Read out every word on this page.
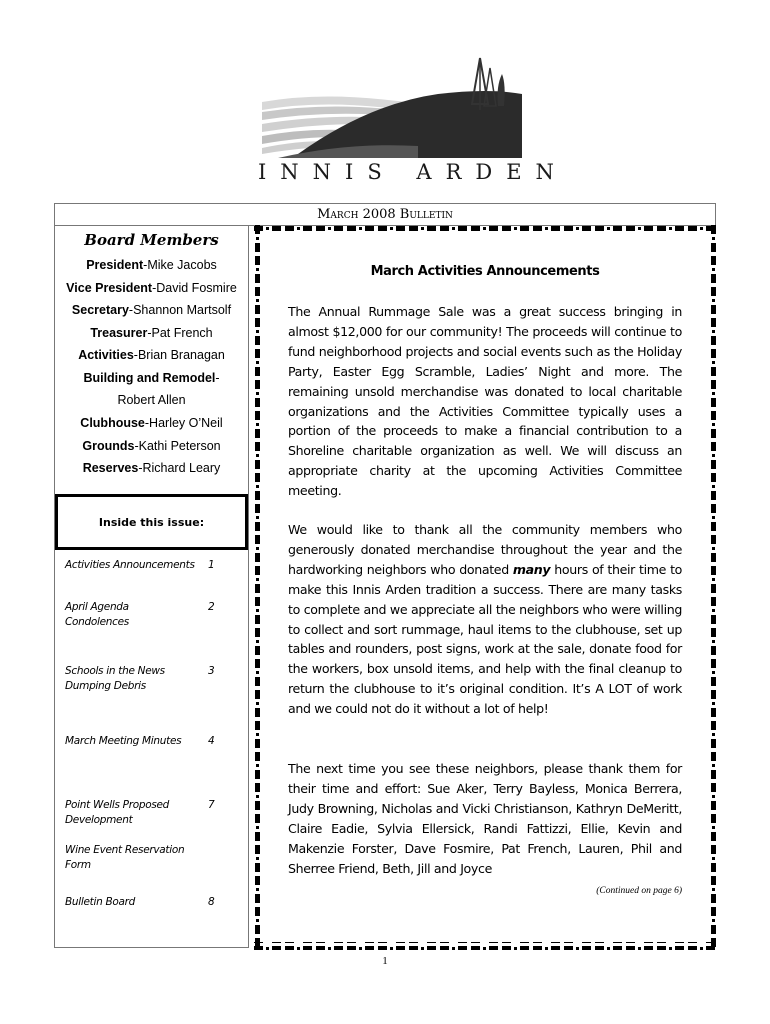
INNIS ARDEN
March 2008 Bulletin
Board Members
President-Mike Jacobs
Vice President-David Fosmire
Secretary-Shannon Martsolf
Treasurer-Pat French
Activities-Brian Branagan
Building and Remodel-
Robert Allen
Clubhouse-Harley O’Neil
Grounds-Kathi Peterson
Reserves-Richard Leary
Inside this issue:
Activities Announcements	1
April Agenda
Condolences
2
Schools in the News
Dumping Debris
3
March Meeting Minutes	4
Point Wells Proposed
Development
7
Wine Event Reservation
Form
Bulletin Board	8
March Activities Announcements
The Annual Rummage Sale was a great success bringing in almost $12,000 for our community! The proceeds will continue to fund neighborhood projects and social events such as the Holiday Party, Easter Egg Scramble, Ladies’ Night and more. The remaining unsold merchandise was donated to local charitable organizations and the Activities Committee typically uses a portion of the proceeds to make a financial contribution to a Shoreline charitable organization as well. We will discuss an appropriate charity at the upcoming Activities Committee meeting.
We would like to thank all the community members who generously donated merchandise throughout the year and the hardworking neighbors who donated many hours of their time to make this Innis Arden tradition a success. There are many tasks to complete and we appreciate all the neighbors who were willing to collect and sort rummage, haul items to the clubhouse, set up tables and rounders, post signs, work at the sale, donate food for the workers, box unsold items, and help with the final cleanup to return the clubhouse to it’s original condition. It’s A LOT of work and we could not do it without a lot of help!
The next time you see these neighbors, please thank them for their time and effort: Sue Aker, Terry Bayless, Monica Berrera, Judy Browning, Nicholas and Vicki Christianson, Kathryn DeMeritt, Claire Eadie, Sylvia Ellersick, Randi Fattizzi, Ellie, Kevin and Makenzie Forster, Dave Fosmire, Pat French, Lauren, Phil and Sherree Friend, Beth, Jill and Joyce
(Continued on page 6)
1
